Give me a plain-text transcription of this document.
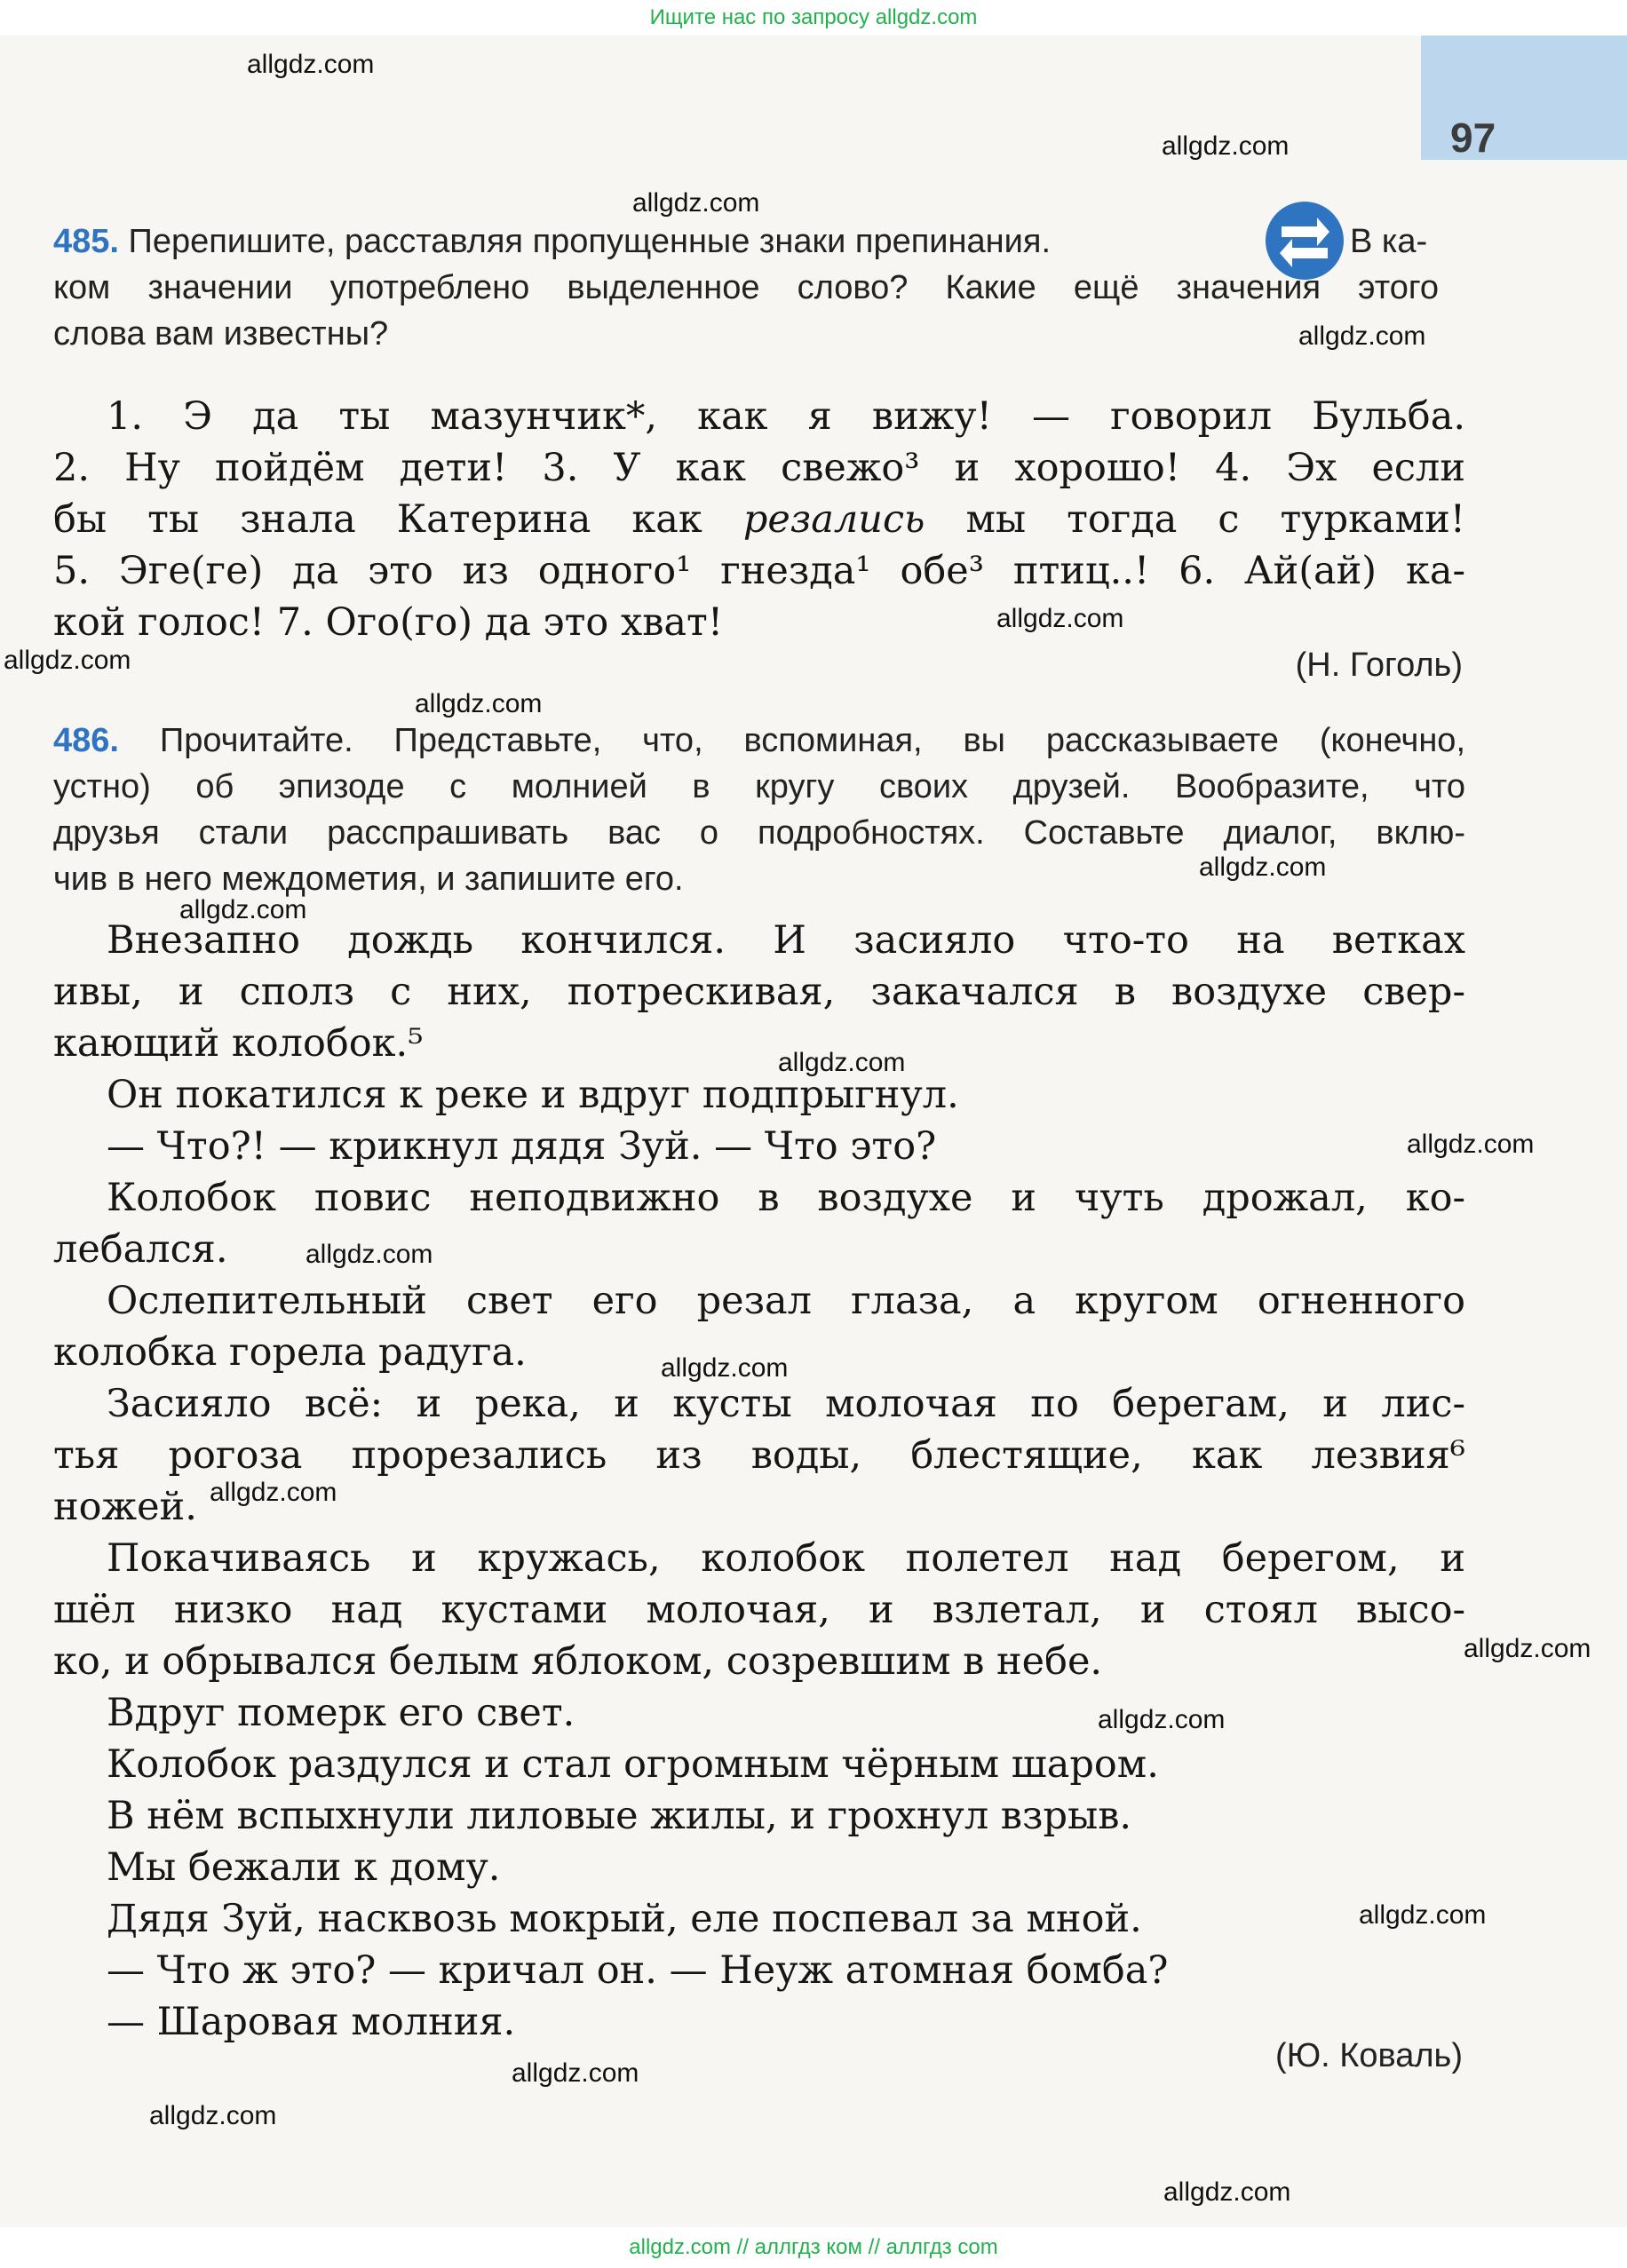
Ищите нас по запросу allgdz.com
97
allgdz.com
allgdz.com
allgdz.com
allgdz.com
allgdz.com
allgdz.com
allgdz.com
allgdz.com
allgdz.com
allgdz.com
allgdz.com
allgdz.com
allgdz.com
allgdz.com
allgdz.com
allgdz.com
allgdz.com
allgdz.com
allgdz.com
allgdz.com
485. Перепишите, расставляя пропущенные знаки препинания.	В ка-
ком значении употреблено выделенное слово? Какие ещё значения этого
слова вам известны?
1. Э да ты мазунчик*, как я вижу! — говорил Бульба.
2. Ну пойдём дети! 3. У как свежо³ и хорошо! 4. Эх если
бы ты знала Катерина как резались мы тогда с турками!
5. Эге(ге) да это из одного¹ гнезда¹ обе³ птиц..! 6. Ай(ай) ка-
кой голос! 7. Ого(го) да это хват!
(Н. Гоголь)
486. Прочитайте. Представьте, что, вспоминая, вы рассказываете (конечно,
устно) об эпизоде с молнией в кругу своих друзей. Вообразите, что
друзья стали расспрашивать вас о подробностях. Составьте диалог, вклю-
чив в него междометия, и запишите его.
Внезапно дождь кончился. И засияло что-то на ветках
ивы, и сполз с них, потрескивая, закачался в воздухе свер-
кающий колобок.⁵
Он покатился к реке и вдруг подпрыгнул.
— Что?! — крикнул дядя Зуй. — Что это?
Колобок повис неподвижно в воздухе и чуть дрожал, ко-
лебался.
Ослепительный свет его резал глаза, а кругом огненного
колобка горела радуга.
Засияло всё: и река, и кусты молочая по берегам, и лис-
тья рогоза прорезались из воды, блестящие, как лезвия⁶
ножей.
Покачиваясь и кружась, колобок полетел над берегом, и
шёл низко над кустами молочая, и взлетал, и стоял высо-
ко, и обрывался белым яблоком, созревшим в небе.
Вдруг померк его свет.
Колобок раздулся и стал огромным чёрным шаром.
В нём вспыхнули лиловые жилы, и грохнул взрыв.
Мы бежали к дому.
Дядя Зуй, насквозь мокрый, еле поспевал за мной.
— Что ж это? — кричал он. — Неуж атомная бомба?
— Шаровая молния.
(Ю. Коваль)
allgdz.com // аллгдз ком // аллгдз com
